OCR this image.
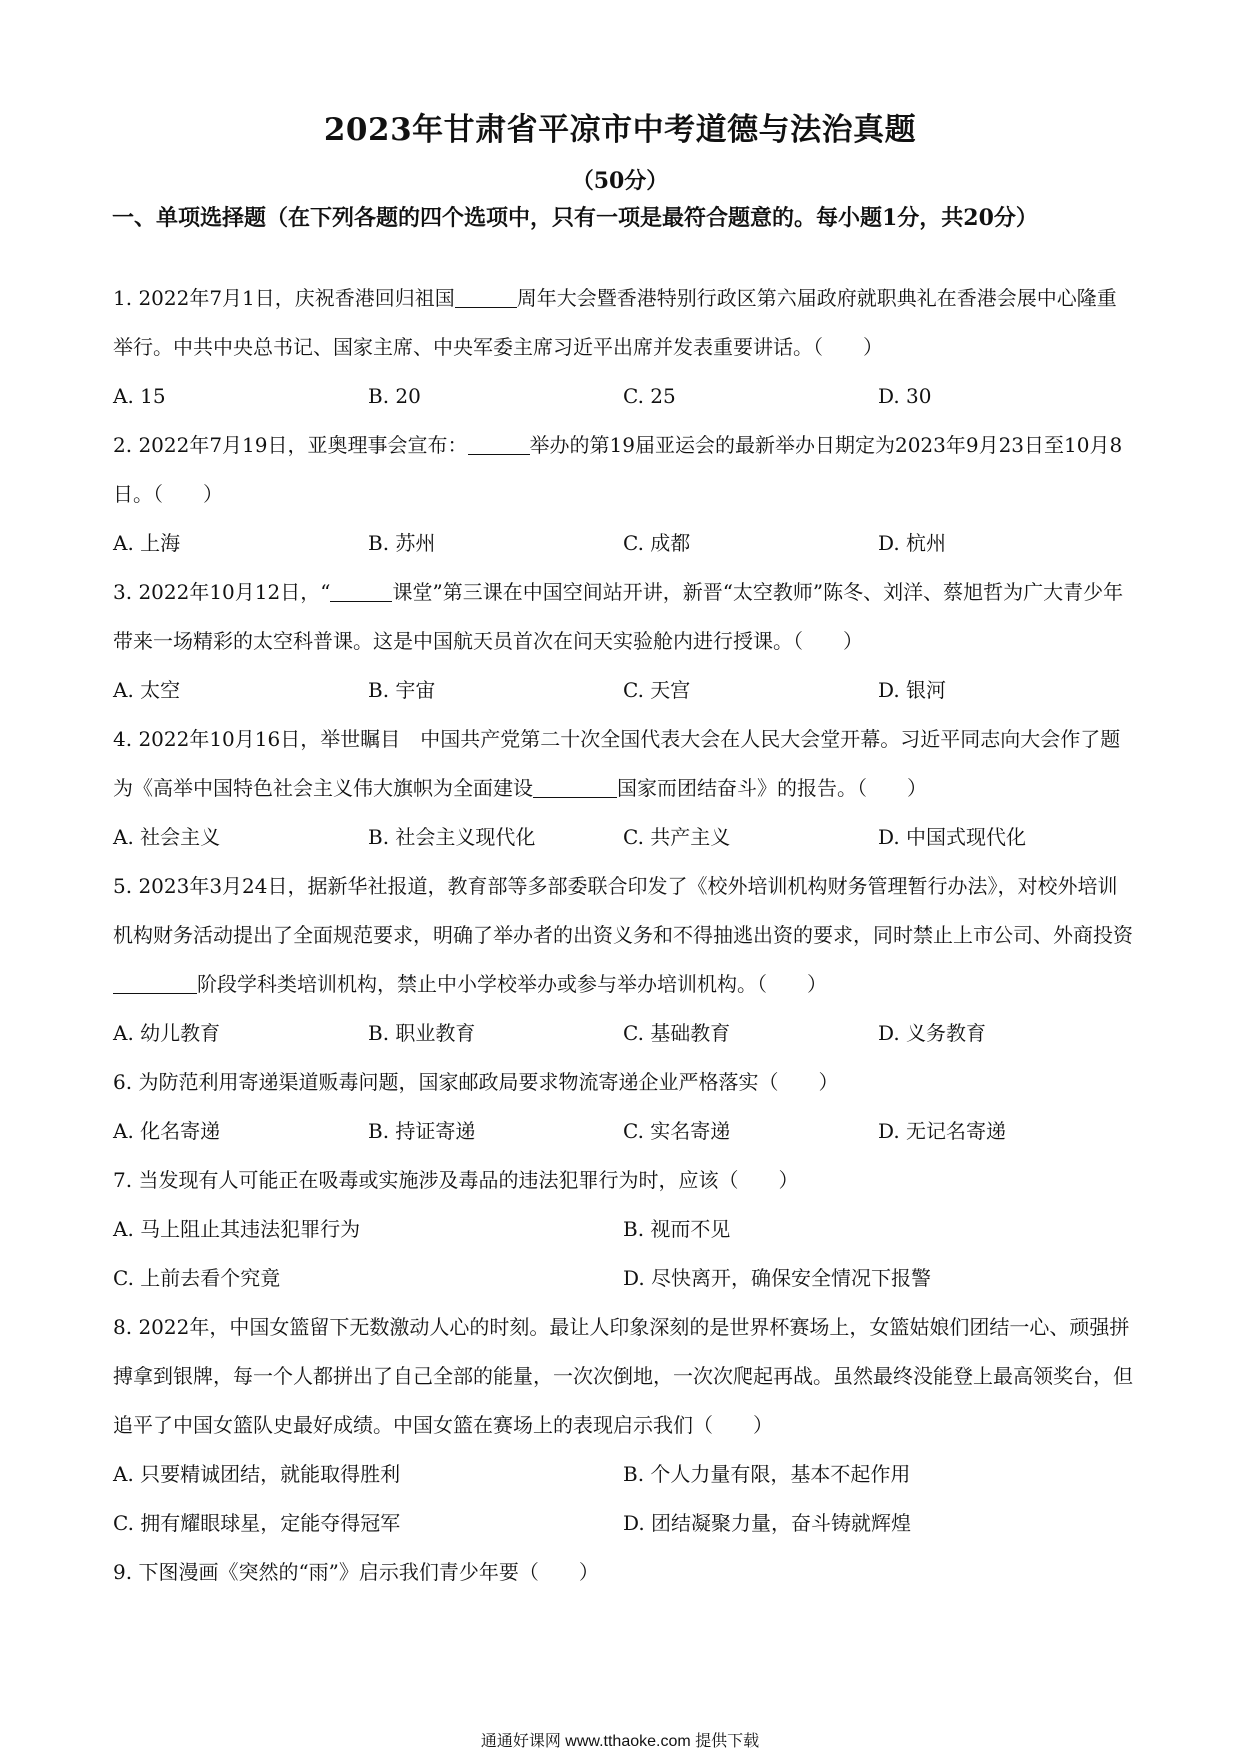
2023年甘肃省平凉市中考道德与法治真题
（50分）
一、单项选择题（在下列各题的四个选项中，只有一项是最符合题意的。每小题1分，共20分）

1. 2022年7月1日，庆祝香港回归祖国	周年大会暨香港特别行政区第六届政府就职典礼在香港会展中心隆重举行。中共中央总书记、国家主席、中央军委主席习近平出席并发表重要讲话。（　　）

A. 15	B. 20	C. 25	D. 30

2. 2022年7月19日，亚奥理事会宣布：	举办的第19届亚运会的最新举办日期定为2023年9月23日至10月8日。（　　）

A. 上海	B. 苏州	C. 成都	D. 杭州

3. 2022年10月12日，“	课堂”第三课在中国空间站开讲，新晋“太空教师”陈冬、刘洋、蔡旭哲为广大青少年带来一场精彩的太空科普课。这是中国航天员首次在问天实验舱内进行授课。（　　）

A. 太空	B. 宇宙	C. 天宫	D. 银河

4. 2022年10月16日，举世瞩目　中国共产党第二十次全国代表大会在人民大会堂开幕。习近平同志向大会作了题为《高举中国特色社会主义伟大旗帜为全面建设	国家而团结奋斗》的报告。（　　）

A. 社会主义	B. 社会主义现代化	C. 共产主义	D. 中国式现代化

5. 2023年3月24日，据新华社报道，教育部等多部委联合印发了《校外培训机构财务管理暂行办法》，对校外培训机构财务活动提出了全面规范要求，明确了举办者的出资义务和不得抽逃出资的要求，同时禁止上市公司、外商投资阶段学科类培训机构，禁止中小学校举办或参与举办培训机构。（　　）

A. 幼儿教育	B. 职业教育	C. 基础教育	D. 义务教育

6. 为防范利用寄递渠道贩毒问题，国家邮政局要求物流寄递企业严格落实（　　）

A. 化名寄递	B. 持证寄递	C. 实名寄递	D. 无记名寄递

7. 当发现有人可能正在吸毒或实施涉及毒品的违法犯罪行为时，应该（　　）

A. 马上阻止其违法犯罪行为	B. 视而不见
C. 上前去看个究竟	D. 尽快离开，确保安全情况下报警

8. 2022年，中国女篮留下无数激动人心的时刻。最让人印象深刻的是世界杯赛场上，女篮姑娘们团结一心、顽强拼搏拿到银牌，每一个人都拼出了自己全部的能量，一次次倒地，一次次爬起再战。虽然最终没能登上最高领奖台，但追平了中国女篮队史最好成绩。中国女篮在赛场上的表现启示我们（　　）

A. 只要精诚团结，就能取得胜利	B. 个人力量有限，基本不起作用
C. 拥有耀眼球星，定能夺得冠军	D. 团结凝聚力量，奋斗铸就辉煌

9. 下图漫画《突然的“雨”》启示我们青少年要（　　）

通通好课网 www.tthaoke.com 提供下载
